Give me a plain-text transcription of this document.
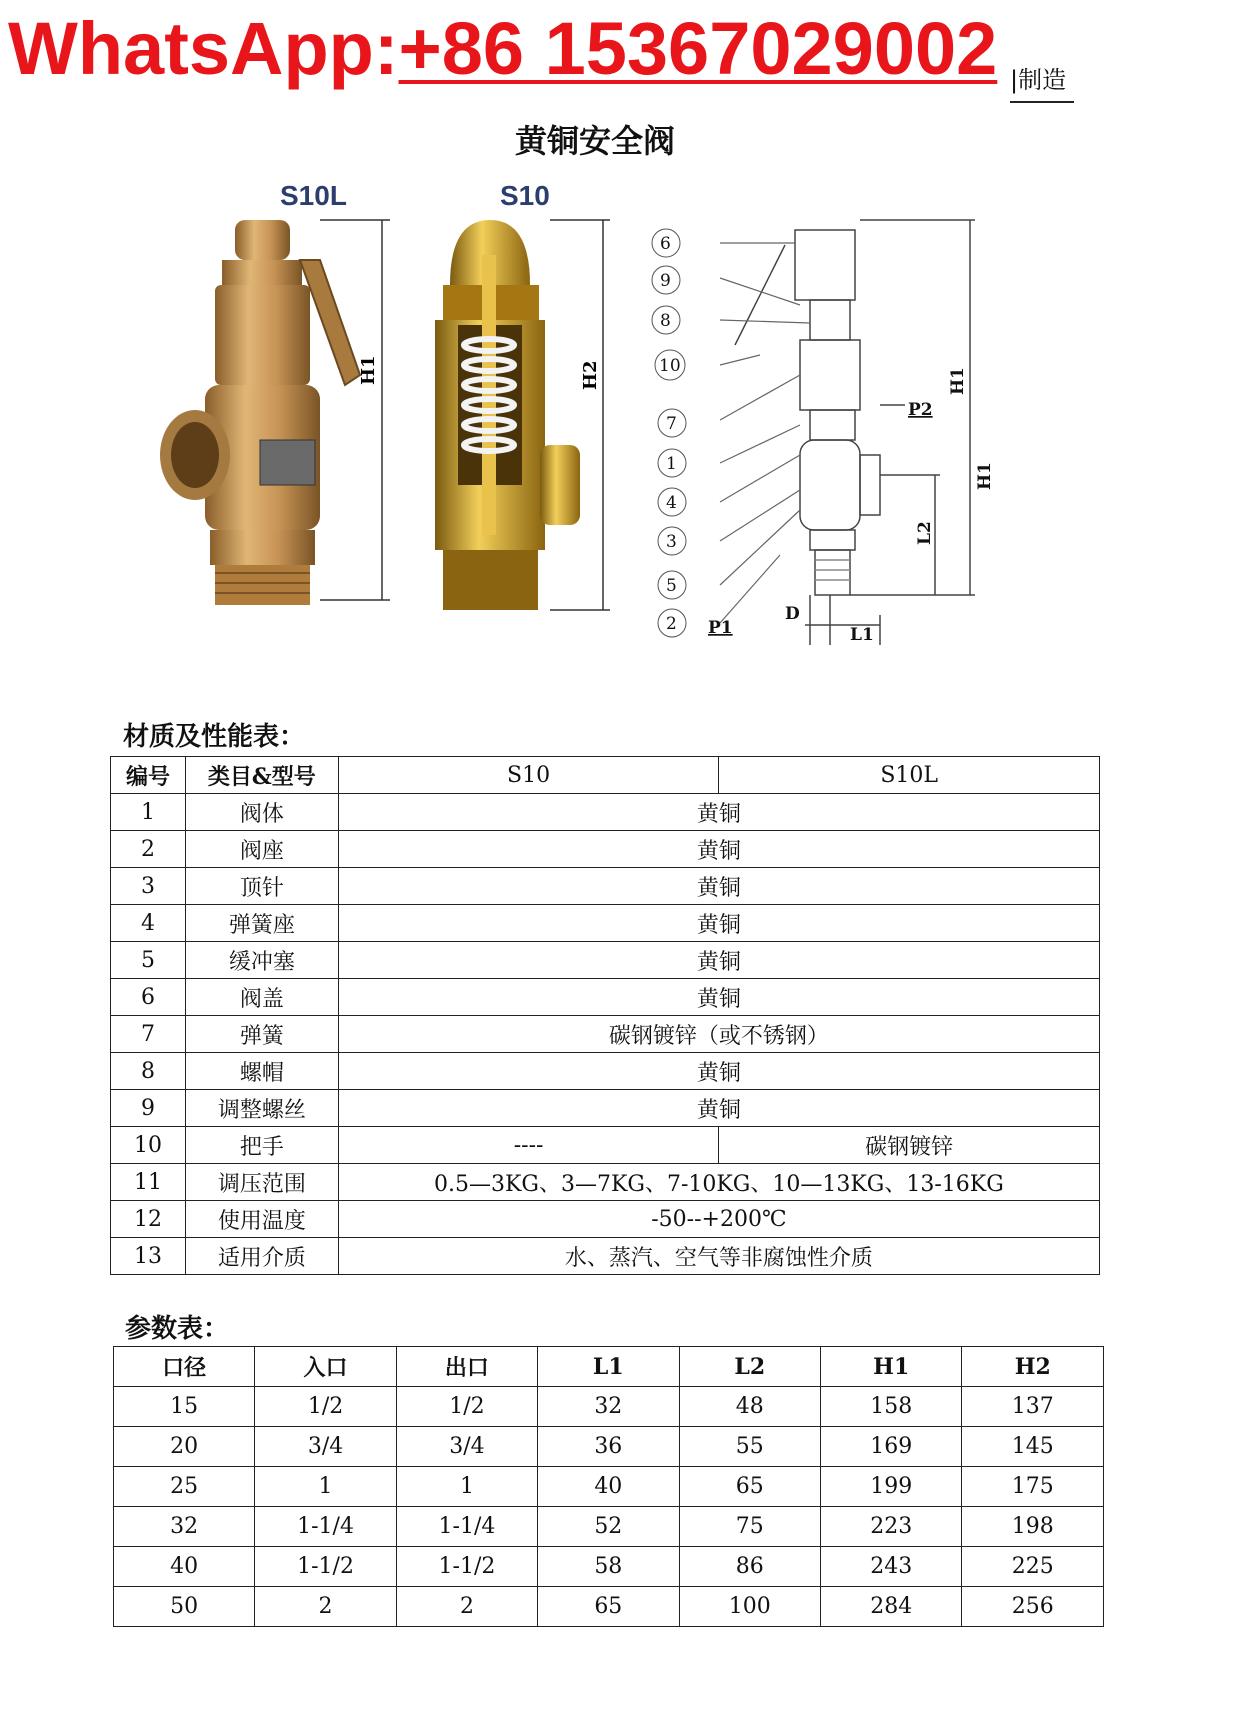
WhatsApp:+86 15367029002 |制造
黄铜安全阀
S10L	S10
H1	H2
6
9
8
10
7
1
4
3
5
2 P1
P2
D
L1
L2
H1
H1
材质及性能表：
编号	类目&型号	S10	S10L
1	阀体	黄铜	
2	阀座	黄铜	
3	顶针	黄铜	
4	弹簧座	黄铜	
5	缓冲塞	黄铜	
6	阀盖	黄铜	
7	弹簧	碳钢镀锌（或不锈钢）	
8	螺帽	黄铜	
9	调整螺丝	黄铜	
10	把手	----	碳钢镀锌
11	调压范围	0.5—3KG、3—7KG、7-10KG、10—13KG、13-16KG	
12	使用温度	-50--+200℃	
13	适用介质	水、蒸汽、空气等非腐蚀性介质	
参数表：
口径	入口	出口	L1	L2	H1	H2
15	1/2	1/2	32	48	158	137
20	3/4	3/4	36	55	169	145
25	1	1	40	65	199	175
32	1-1/4	1-1/4	52	75	223	198
40	1-1/2	1-1/2	58	86	243	225
50	2	2	65	100	284	256
